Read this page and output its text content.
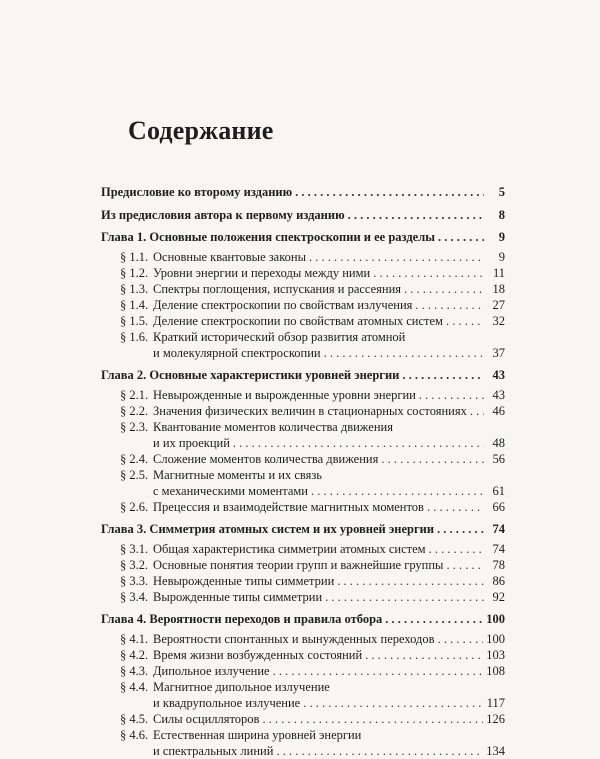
Содержание
Предисловие ко второму изданию . . .	5
Из предисловия автора к первому изданию . . .	8
Глава 1. Основные положения спектроскопии и ее разделы . . .	9
§ 1.1. Основные квантовые законы . . .	9
§ 1.2. Уровни энергии и переходы между ними . . .	11
§ 1.3. Спектры поглощения, испускания и рассеяния . . .	18
§ 1.4. Деление спектроскопии по свойствам излучения . . .	27
§ 1.5. Деление спектроскопии по свойствам атомных систем . . .	32
§ 1.6. Краткий исторический обзор развития атомной
и молекулярной спектроскопии . . .	37
Глава 2. Основные характеристики уровней энергии . . .	43
§ 2.1. Невырожденные и вырожденные уровни энергии . . .	43
§ 2.2. Значения физических величин в стационарных состояниях . . .	46
§ 2.3. Квантование моментов количества движения
и их проекций . . .	48
§ 2.4. Сложение моментов количества движения . . .	56
§ 2.5. Магнитные моменты и их связь
с механическими моментами . . .	61
§ 2.6. Прецессия и взаимодействие магнитных моментов . . .	66
Глава 3. Симметрия атомных систем и их уровней энергии . . .	74
§ 3.1. Общая характеристика симметрии атомных систем . . .	74
§ 3.2. Основные понятия теории групп и важнейшие группы . . .	78
§ 3.3. Невырожденные типы симметрии . . .	86
§ 3.4. Вырожденные типы симметрии . . .	92
Глава 4. Вероятности переходов и правила отбора . . .	100
§ 4.1. Вероятности спонтанных и вынужденных переходов . . .	100
§ 4.2. Время жизни возбужденных состояний . . .	103
§ 4.3. Дипольное излучение . . .	108
§ 4.4. Магнитное дипольное излучение
и квадрупольное излучение . . .	117
§ 4.5. Силы осцилляторов . . .	126
§ 4.6. Естественная ширина уровней энергии
и спектральных линий . . .	134
